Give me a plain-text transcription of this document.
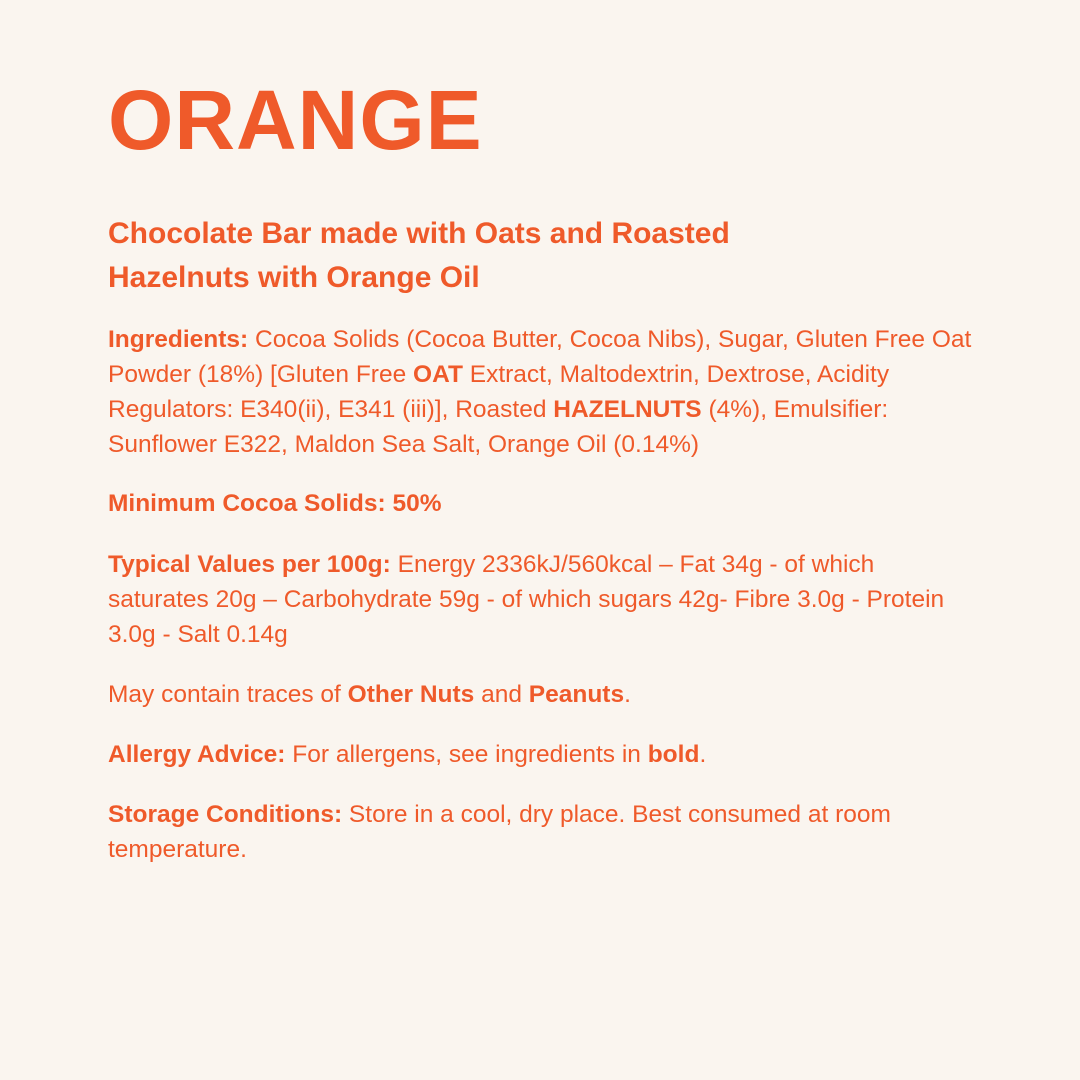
ORANGE
Chocolate Bar made with Oats and Roasted Hazelnuts with Orange Oil

Ingredients: Cocoa Solids (Cocoa Butter, Cocoa Nibs), Sugar, Gluten Free Oat Powder (18%) [Gluten Free OAT Extract, Maltodextrin, Dextrose, Acidity Regulators: E340(ii), E341 (iii)], Roasted HAZELNUTS (4%), Emulsifier: Sunflower E322, Maldon Sea Salt, Orange Oil (0.14%)

Minimum Cocoa Solids: 50%

Typical Values per 100g: Energy 2336kJ/560kcal – Fat 34g - of which saturates 20g – Carbohydrate 59g - of which sugars 42g- Fibre 3.0g - Protein 3.0g - Salt 0.14g

May contain traces of Other Nuts and Peanuts.

Allergy Advice: For allergens, see ingredients in bold.

Storage Conditions: Store in a cool, dry place. Best consumed at room temperature.
